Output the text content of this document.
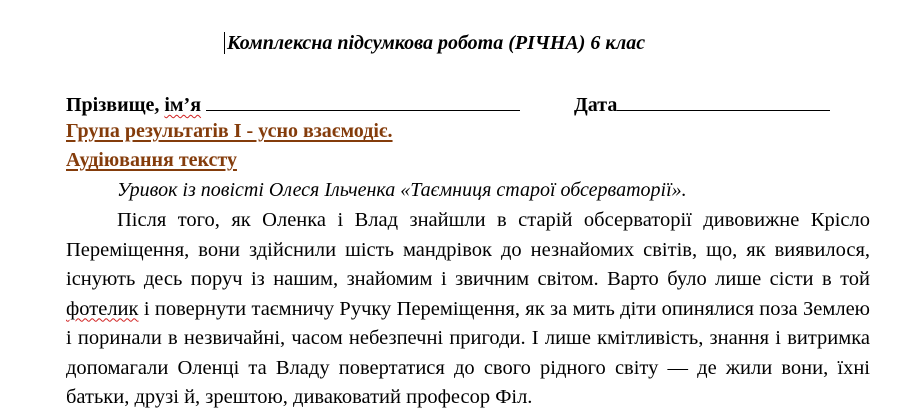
Комплексна підсумкова робота (РІЧНА) 6 клас
Прізвище, ім’я	Дата
Група результатів I - усно взаємодіє.
Аудіювання тексту
Уривок із повісті Олеся Ільченка «Таємниця старої обсерваторії».

Після того, як Оленка і Влад знайшли в старій обсерваторії дивовижне Крісло Переміщення, вони здійснили шість мандрівок до незнайомих світів, що, як виявилося, існують десь поруч із нашим, знайомим і звичним світом. Варто було лише сісти в той фотелик і повернути таємничу Ручку Переміщення, як за мить діти опинялися поза Землею і поринали в незвичайні, часом небезпечні пригоди. І лише кмітливість, знання і витримка допомагали Оленці та Владу повертатися до свого рідного світу — де жили вони, їхні батьки, друзі й, зрештою, диваковатий професор Філ.
